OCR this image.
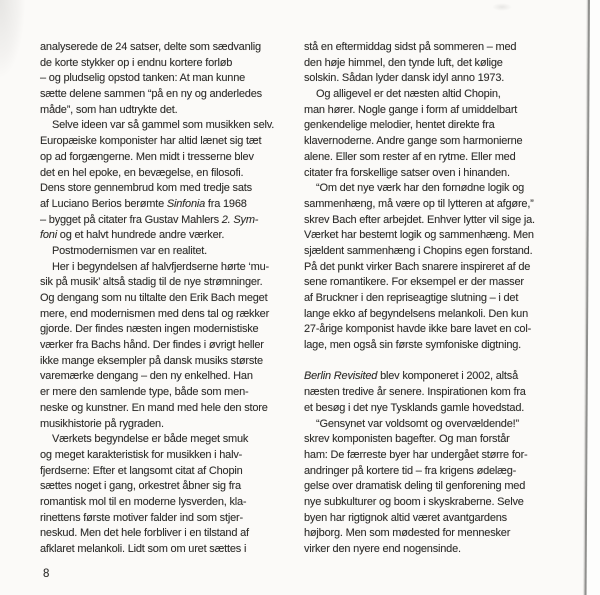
analyserede de 24 satser, delte som sædvanlig
de korte stykker op i endnu kortere forløb
– og pludselig opstod tanken: At man kunne
sætte delene sammen “på en ny og anderledes
måde”, som han udtrykte det.
Selve ideen var så gammel som musikken selv.
Europæiske komponister har altid lænet sig tæt
op ad forgængerne. Men midt i tresserne blev
det en hel epoke, en bevægelse, en filosofi.
Dens store gennembrud kom med tredje sats
af Luciano Berios berømte Sinfonia fra 1968
– bygget på citater fra Gustav Mahlers 2. Sym-
foni og et halvt hundrede andre værker.
Postmodernismen var en realitet.
Her i begyndelsen af halvfjerdserne hørte ‘mu-
sik på musik’ altså stadig til de nye strømninger.
Og dengang som nu tiltalte den Erik Bach meget
mere, end modernismen med dens tal og rækker
gjorde. Der findes næsten ingen modernistiske
værker fra Bachs hånd. Der findes i øvrigt heller
ikke mange eksempler på dansk musiks største
varemærke dengang – den ny enkelhed. Han
er mere den samlende type, både som men-
neske og kunstner. En mand med hele den store
musikhistorie på rygraden.
Værkets begyndelse er både meget smuk
og meget karakteristisk for musikken i halv-
fjerdserne: Efter et langsomt citat af Chopin
sættes noget i gang, orkestret åbner sig fra
romantisk mol til en moderne lysverden, kla-
rinettens første motiver falder ind som stjer-
neskud. Men det hele forbliver i en tilstand af
afklaret melankoli. Lidt som om uret sættes i
stå en eftermiddag sidst på sommeren – med
den høje himmel, den tynde luft, det kølige
solskin. Sådan lyder dansk idyl anno 1973.
Og alligevel er det næsten altid Chopin,
man hører. Nogle gange i form af umiddelbart
genkendelige melodier, hentet direkte fra
klavernoderne. Andre gange som harmonierne
alene. Eller som rester af en rytme. Eller med
citater fra forskellige satser oven i hinanden.
“Om det nye værk har den fornødne logik og
sammenhæng, må være op til lytteren at afgøre,”
skrev Bach efter arbejdet. Enhver lytter vil sige ja.
Værket har bestemt logik og sammenhæng. Men
sjældent sammenhæng i Chopins egen forstand.
På det punkt virker Bach snarere inspireret af de
sene romantikere. For eksempel er der masser
af Bruckner i den repriseagtige slutning – i det
lange ekko af begyndelsens melankoli. Den kun
27-årige komponist havde ikke bare lavet en col-
lage, men også sin første symfoniske digtning.
Berlin Revisited blev komponeret i 2002, altså
næsten tredive år senere. Inspirationen kom fra
et besøg i det nye Tysklands gamle hovedstad.
“Gensynet var voldsomt og overvældende!”
skrev komponisten bagefter. Og man forstår
ham: De færreste byer har undergået større for-
andringer på kortere tid – fra krigens ødelæg-
gelse over dramatisk deling til genforening med
nye subkulturer og boom i skyskraberne. Selve
byen har rigtignok altid været avantgardens
højborg. Men som mødested for mennesker
virker den nyere end nogensinde.
8
